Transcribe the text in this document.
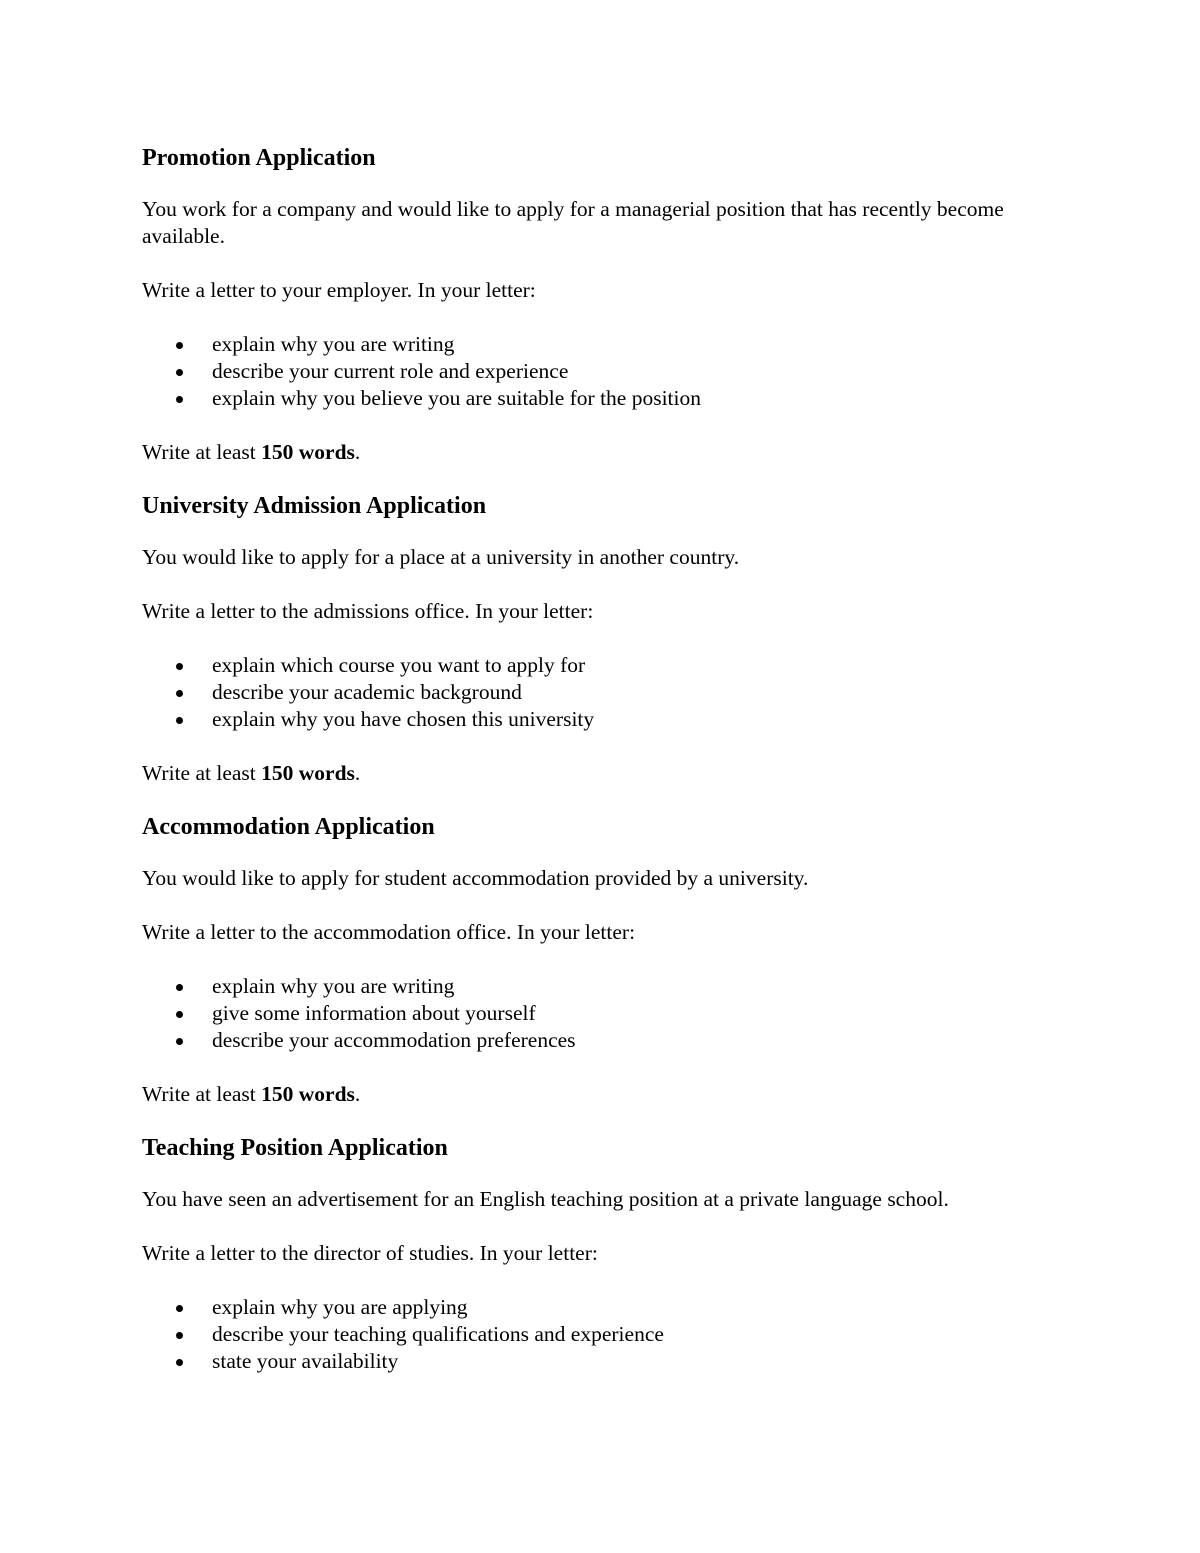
Promotion Application

You work for a company and would like to apply for a managerial position that has recently become available.

Write a letter to your employer. In your letter:

explain why you are writing
describe your current role and experience
explain why you believe you are suitable for the position

Write at least 150 words.

University Admission Application

You would like to apply for a place at a university in another country.

Write a letter to the admissions office. In your letter:

explain which course you want to apply for
describe your academic background
explain why you have chosen this university

Write at least 150 words.

Accommodation Application

You would like to apply for student accommodation provided by a university.

Write a letter to the accommodation office. In your letter:

explain why you are writing
give some information about yourself
describe your accommodation preferences

Write at least 150 words.

Teaching Position Application

You have seen an advertisement for an English teaching position at a private language school.

Write a letter to the director of studies. In your letter:

explain why you are applying
describe your teaching qualifications and experience
state your availability
